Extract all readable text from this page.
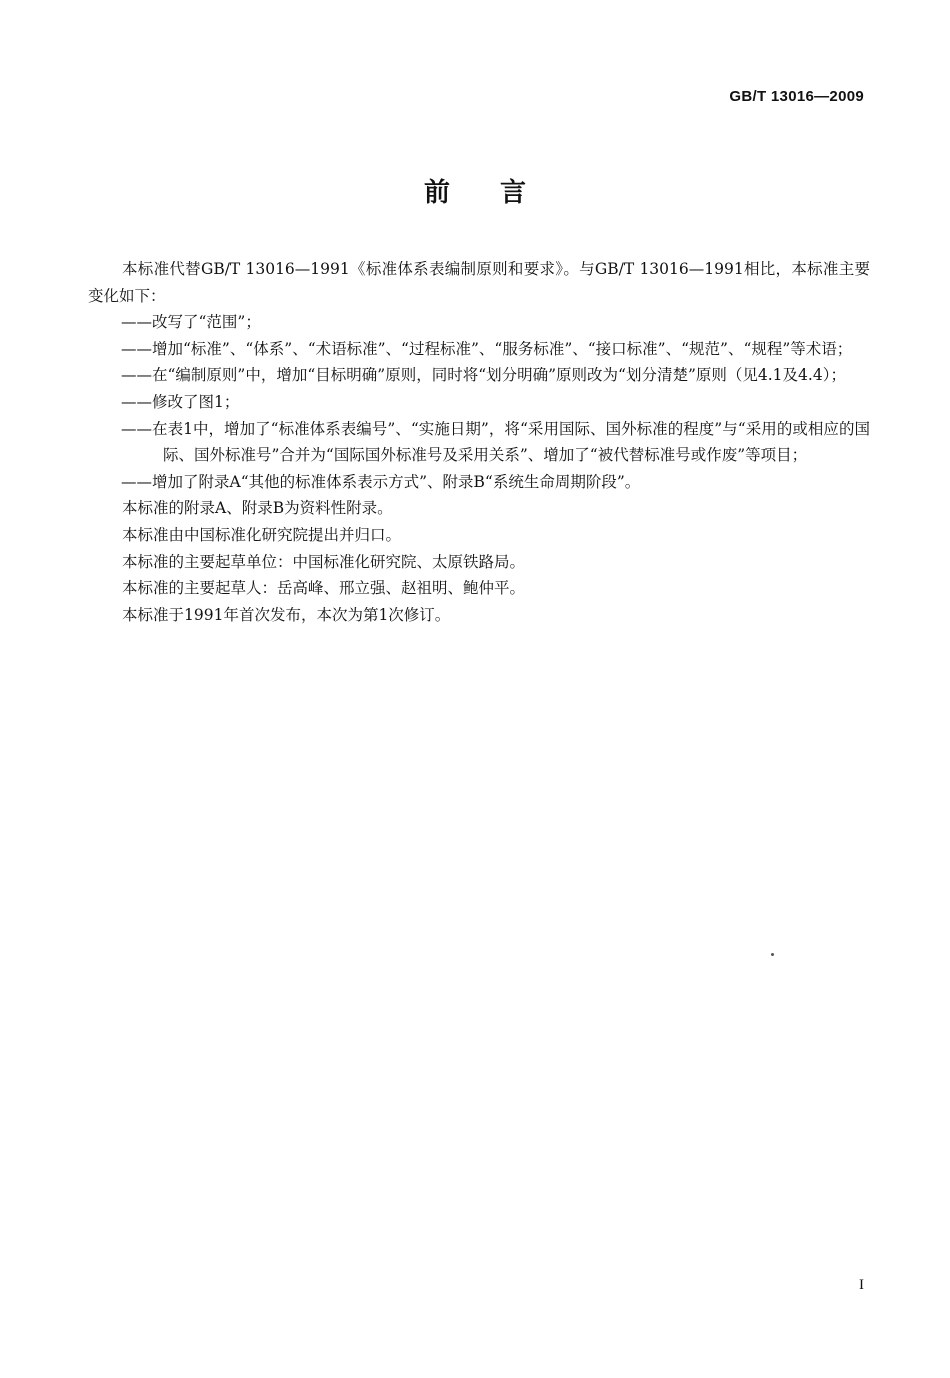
GB/T 13016—2009
前言

本标准代替GB/T 13016—1991《标准体系表编制原则和要求》。与GB/T 13016—1991相比，本标准主要变化如下：

——改写了“范围”；

——增加“标准”、“体系”、“术语标准”、“过程标准”、“服务标准”、“接口标准”、“规范”、“规程”等术语；

——在“编制原则”中，增加“目标明确”原则，同时将“划分明确”原则改为“划分清楚”原则（见4.1及4.4）；

——修改了图1；

——在表1中，增加了“标准体系表编号”、“实施日期”，将“采用国际、国外标准的程度”与“采用的或相应的国际、国外标准号”合并为“国际国外标准号及采用关系”、增加了“被代替标准号或作废”等项目；

——增加了附录A“其他的标准体系表示方式”、附录B“系统生命周期阶段”。

本标准的附录A、附录B为资料性附录。

本标准由中国标准化研究院提出并归口。

本标准的主要起草单位：中国标准化研究院、太原铁路局。

本标准的主要起草人：岳高峰、邢立强、赵祖明、鲍仲平。

本标准于1991年首次发布，本次为第1次修订。

I
